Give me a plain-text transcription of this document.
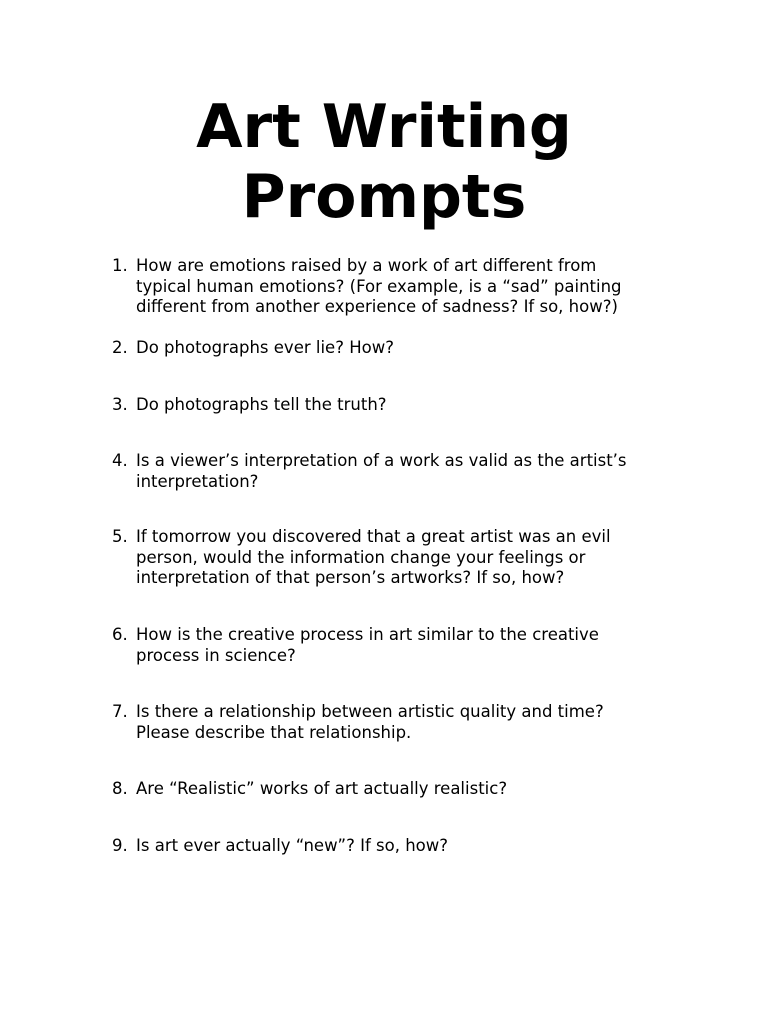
Art Writing
Prompts
1. How are emotions raised by a work of art different from
typical human emotions? (For example, is a “sad” painting
different from another experience of sadness? If so, how?)
2. Do photographs ever lie? How?
3. Do photographs tell the truth?
4. Is a viewer’s interpretation of a work as valid as the artist’s
interpretation?
5. If tomorrow you discovered that a great artist was an evil
person, would the information change your feelings or
interpretation of that person’s artworks? If so, how?
6. How is the creative process in art similar to the creative
process in science?
7. Is there a relationship between artistic quality and time?
Please describe that relationship.
8. Are “Realistic” works of art actually realistic?
9. Is art ever actually “new”? If so, how?
